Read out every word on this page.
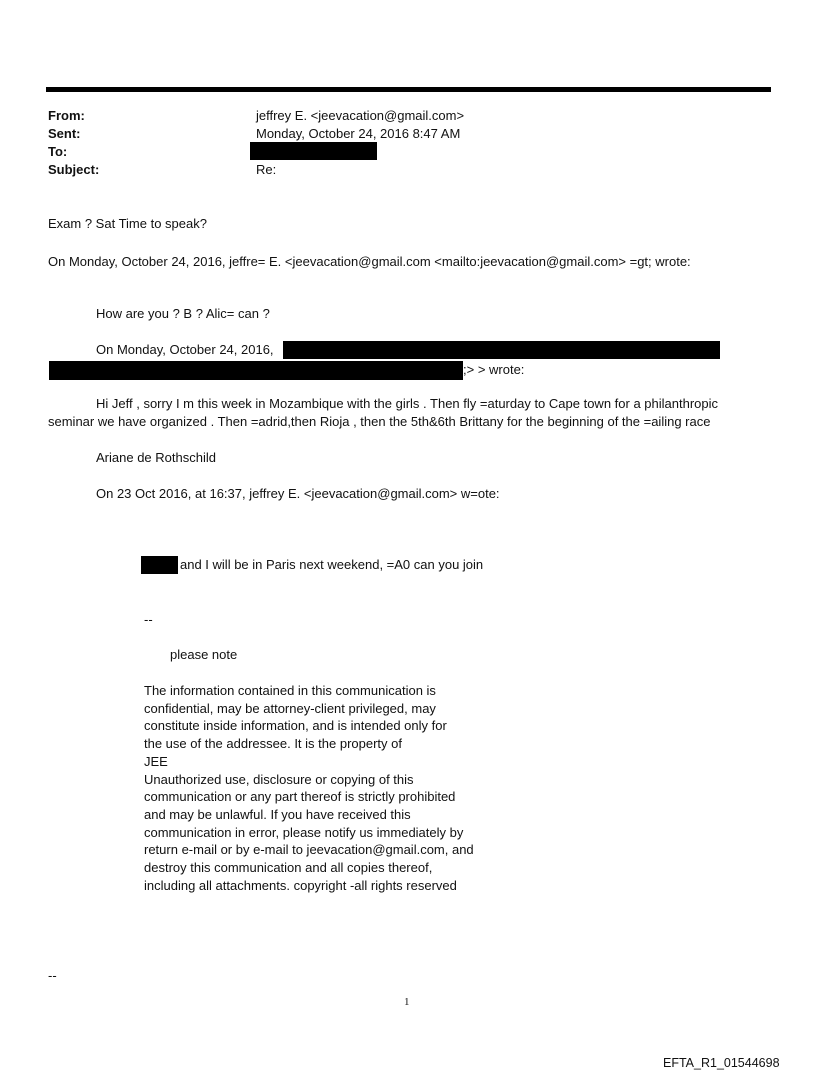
From:	jeffrey E. <jeevacation@gmail.com>
Sent:	Monday, October 24, 2016 8:47 AM
To:
Subject:	Re:
Exam ? Sat Time to speak?
On Monday, October 24, 2016, jeffre= E. <jeevacation@gmail.com <mailto:jeevacation@gmail.com> =gt; wrote:
How are you ? B ? Alic= can ?
On Monday, October 24, 2016,
;> > wrote:
Hi Jeff , sorry I m this week in Mozambique with the girls . Then fly =aturday to Cape town for a philanthropic
seminar we have organized . Then =adrid,then Rioja , then the 5th&6th Brittany for the beginning of the =ailing race
Ariane de Rothschild
On 23 Oct 2016, at 16:37, jeffrey E. <jeevacation@gmail.com> w=ote:
and I will be in Paris next weekend, =A0 can you join
--
please note
The information contained in this communication is
confidential, may be attorney-client privileged, may
constitute inside information, and is intended only for
the use of the addressee. It is the property of
JEE
Unauthorized use, disclosure or copying of this
communication or any part thereof is strictly prohibited
and may be unlawful. If you have received this
communication in error, please notify us immediately by
return e-mail or by e-mail to jeevacation@gmail.com, and
destroy this communication and all copies thereof,
including all attachments. copyright -all rights reserved
--
1
EFTA_R1_01544698
